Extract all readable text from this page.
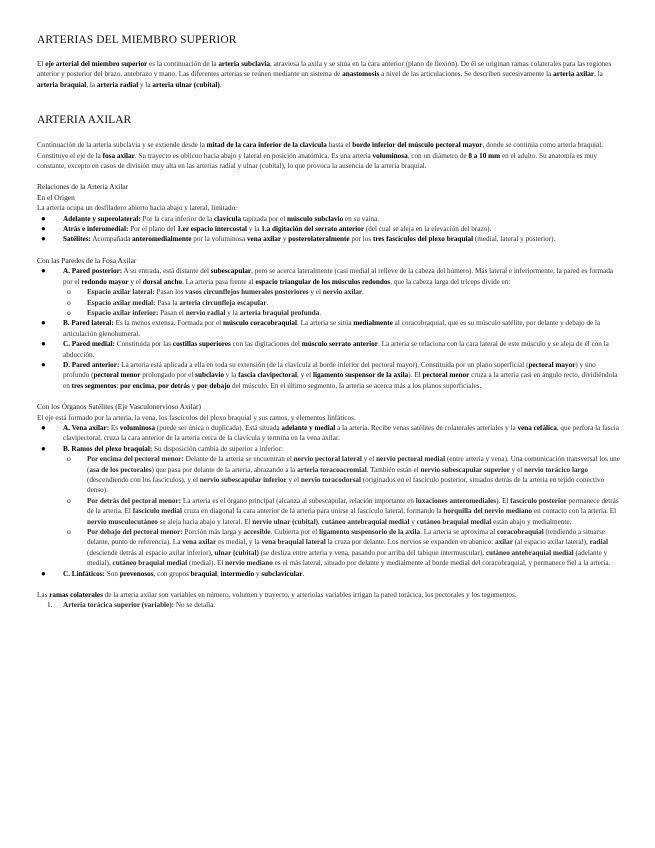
ARTERIAS DEL MIEMBRO SUPERIOR

El eje arterial del miembro superior es la continuación de la arteria subclavia, atraviesa la axila y se sitúa en la cara anterior (plano de flexión). De él se originan ramas colaterales para las regiones anterior y posterior del brazo, antebrazo y mano. Las diferentes arterias se reúnen mediante un sistema de anastomosis a nivel de las articulaciones. Se describen sucesivamente la arteria axilar, la arteria braquial, la arteria radial y la arteria ulnar (cubital).

ARTERIA AXILAR

Continuación de la arteria subclavia y se extiende desde la mitad de la cara inferior de la clavícula hasta el borde inferior del músculo pectoral mayor, donde se continúa como arteria braquial. Constituye el eje de la fosa axilar. Su trayecto es oblicuo hacia abajo y lateral en posición anatómica. Es una arteria voluminosa, con un diámetro de 8 a 10 mm en el adulto. Su anatomía es muy constante, excepto en casos de división muy alta en las arterias radial y ulnar (cubital), lo que provoca la ausencia de la arteria braquial.

Relaciones de la Arteria Axilar

En el Origen

La arteria ocupa un desfiladero abierto hacia abajo y lateral, limitado:

● Adelante y superolateral: Por la cara inferior de la clavícula tapizada por el músculo subclavio en su vaina.
● Atrás e inferomedial: Por el plano del 1.er espacio intercostal y la 1.a digitación del serrato anterior (del cual se aleja en la elevación del brazo).
● Satélites: Acompañada anteromedialmente por la voluminosa vena axilar y posterolateralmente por los tres fascículos del plexo braquial (medial, lateral y posterior).

Con las Paredes de la Fosa Axilar

● A. Pared posterior: A su entrada, está distante del subescapular, pero se acerca lateralmente (casi medial al relieve de la cabeza del húmero). Más lateral e inferiormente, la pared es formada por el redondo mayor y el dorsal ancho. La arteria pasa frente al espacio triangular de los músculos redondos, que la cabeza larga del tríceps divide en:
o Espacio axilar lateral: Pasan los vasos circunflejos humerales posteriores y el nervio axilar.
o Espacio axilar medial: Pasa la arteria circunfleja escapular.
o Espacio axilar inferior: Pasan el nervio radial y la arteria braquial profunda.
● B. Pared lateral: Es la menos extensa. Formada por el músculo coracobraquial. La arteria se sitúa medialmente al coracobraquial, que es su músculo satélite, por delante y debajo de la articulación glenohumeral.
● C. Pared medial: Constituida por las costillas superiores con las digitaciones del músculo serrato anterior. La arteria se relaciona con la cara lateral de este músculo y se aleja de él con la abducción.
● D. Pared anterior: La arteria está aplicada a ella en toda su extensión (de la clavícula al borde inferior del pectoral mayor). Constituida por un plano superficial (pectoral mayor) y uno profundo (pectoral menor prolongado por el subclavio y la fascia clavipectoral, y el ligamento suspensor de la axila). El pectoral menor cruza a la arteria casi en ángulo recto, dividiéndola en tres segmentos: por encima, por detrás y por debajo del músculo. En el último segmento, la arteria se acerca más a los planos superficiales.

Con los Órganos Satélites (Eje Vasculonervioso Axilar)

El eje está formado por la arteria, la vena, los fascículos del plexo braquial y sus ramos, y elementos linfáticos.

● A. Vena axilar: Es voluminosa (puede ser única o duplicada). Está situada adelante y medial a la arteria. Recibe venas satélites de colaterales arteriales y la vena cefálica, que perfora la fascia clavipectoral, cruza la cara anterior de la arteria cerca de la clavícula y termina en la vena axilar.
● B. Ramos del plexo braquial: Su disposición cambia de superior a inferior:
o Por encima del pectoral menor: Delante de la arteria se encuentran el nervio pectoral lateral y el nervio pectoral medial (entre arteria y vena). Una comunicación transversal los une (asa de los pectorales) que pasa por delante de la arteria, abrazando a la arteria toracoacromial. También están el nervio subescapular superior y el nervio torácico largo (descendiendo con los fascículos), y el nervio subescapular inferior y el nervio toracodorsal (originados en el fascículo posterior, situados detrás de la arteria en tejido conectivo denso).
o Por detrás del pectoral menor: La arteria es el órgano principal (alcanza al subescapular, relación importante en luxaciones anteromediales). El fascículo posterior permanece detrás de la arteria. El fascículo medial cruza en diagonal la cara anterior de la arteria para unirse al fascículo lateral, formando la horquilla del nervio mediano en contacto con la arteria. El nervio musculocutáneo se aleja hacia abajo y lateral. El nervio ulnar (cubital), cutáneo antebraquial medial y cutáneo braquial medial están abajo y medialmente.
o Por debajo del pectoral menor: Porción más larga y accesible. Cubierta por el ligamento suspensorio de la axila. La arteria se aproxima al coracobraquial (tendiendo a situarse delante, punto de referencia). La vena axilar es medial, y la vena braquial lateral la cruza por delante. Los nervios se expanden en abanico: axilar (al espacio axilar lateral), radial (desciende detrás al espacio axilar inferior), ulnar (cubital) (se desliza entre arteria y vena, pasando por arriba del tabique intermuscular), cutáneo antebraquial medial (adelante y medial), cutáneo braquial medial (medial). El nervio mediano es el más lateral, situado por delante y medialmente al borde medial del coracobraquial, y permanece fiel a la arteria.
● C. Linfáticos: Son prevenosos, con grupos braquial, intermedio y subclavicular.

Las ramas colaterales de la arteria axilar son variables en número, volumen y trayecto, y arteriolas variables irrigan la pared torácica, los pectorales y los tegumentos.

1. Arteria torácica superior (variable): No se detalla.
